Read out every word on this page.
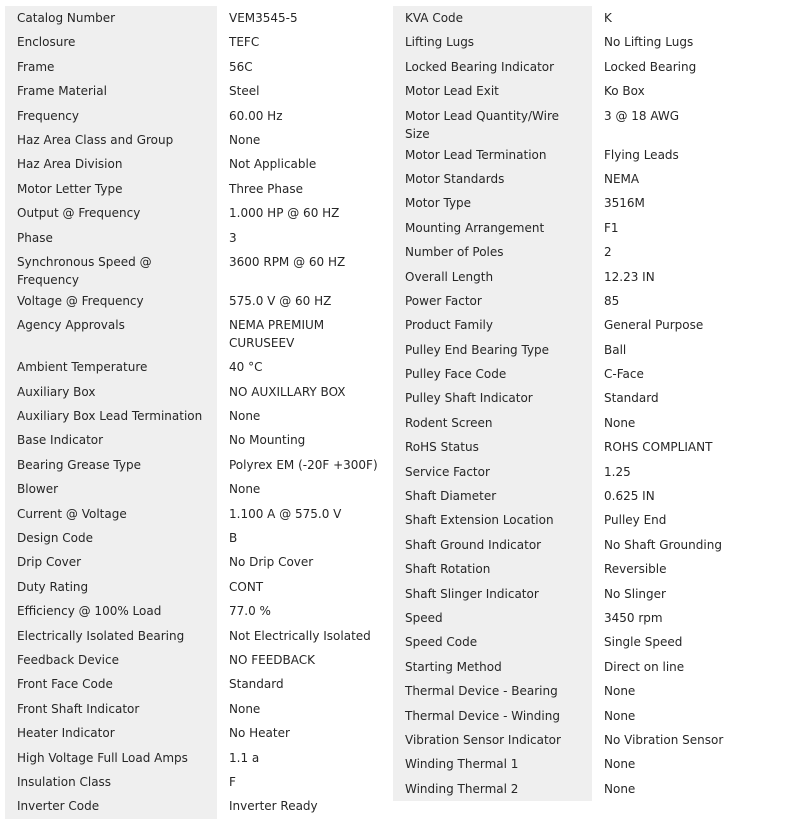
Catalog Number	VEM3545-5

Enclosure	TEFC

Frame	56C

Frame Material	Steel

Frequency	60.00 Hz

Haz Area Class and Group	None

Haz Area Division	Not Applicable

Motor Letter Type	Three Phase

Output @ Frequency	1.000 HP @ 60 HZ

Phase	3

Synchronous Speed @ Frequency	3600 RPM @ 60 HZ

Voltage @ Frequency	575.0 V @ 60 HZ

Agency Approvals	NEMA PREMIUM
CURUSEEV

Ambient Temperature	40 °C

Auxiliary Box	NO AUXILLARY BOX

Auxiliary Box Lead Termination	None

Base Indicator	No Mounting

Bearing Grease Type	Polyrex EM (-20F +300F)

Blower	None

Current @ Voltage	1.100 A @ 575.0 V

Design Code	B

Drip Cover	No Drip Cover

Duty Rating	CONT

Efficiency @ 100% Load	77.0 %

Electrically Isolated Bearing	Not Electrically Isolated

Feedback Device	NO FEEDBACK

Front Face Code	Standard

Front Shaft Indicator	None

Heater Indicator	No Heater

High Voltage Full Load Amps	1.1 a

Insulation Class	F

Inverter Code	Inverter Ready
KVA Code	K

Lifting Lugs	No Lifting Lugs

Locked Bearing Indicator	Locked Bearing

Motor Lead Exit	Ko Box

Motor Lead Quantity/Wire Size	3 @ 18 AWG

Motor Lead Termination	Flying Leads

Motor Standards	NEMA

Motor Type	3516M

Mounting Arrangement	F1

Number of Poles	2

Overall Length	12.23 IN

Power Factor	85

Product Family	General Purpose

Pulley End Bearing Type	Ball

Pulley Face Code	C-Face

Pulley Shaft Indicator	Standard

Rodent Screen	None

RoHS Status	ROHS COMPLIANT

Service Factor	1.25

Shaft Diameter	0.625 IN

Shaft Extension Location	Pulley End

Shaft Ground Indicator	No Shaft Grounding

Shaft Rotation	Reversible

Shaft Slinger Indicator	No Slinger

Speed	3450 rpm

Speed Code	Single Speed

Starting Method	Direct on line

Thermal Device - Bearing	None

Thermal Device - Winding	None

Vibration Sensor Indicator	No Vibration Sensor

Winding Thermal 1	None

Winding Thermal 2	None
